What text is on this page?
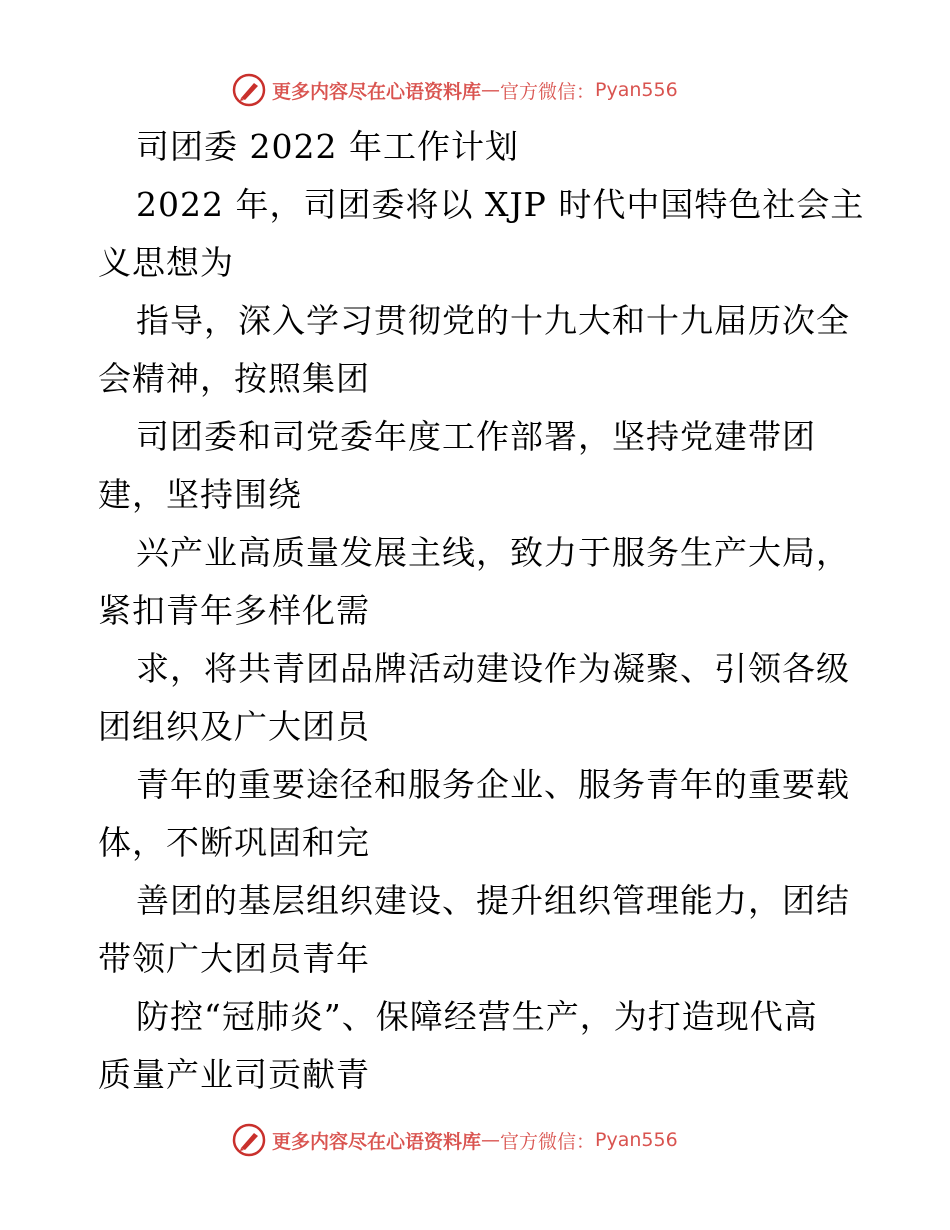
更多内容尽在心语资料库 — 官方微信： Pyan556
司团委 2022 年工作计划
2022 年，司团委将以 XJP 时代中国特色社会主
义思想为
指导，深入学习贯彻党的十九大和十九届历次全
会精神，按照集团
司团委和司党委年度工作部署，坚持党建带团
建，坚持围绕
兴产业高质量发展主线，致力于服务生产大局，
紧扣青年多样化需
求，将共青团品牌活动建设作为凝聚、引领各级
团组织及广大团员
青年的重要途径和服务企业、服务青年的重要载
体，不断巩固和完
善团的基层组织建设、提升组织管理能力，团结
带领广大团员青年
防控“冠肺炎”、保障经营生产，为打造现代高
质量产业司贡献青
更多内容尽在心语资料库 — 官方微信： Pyan556
